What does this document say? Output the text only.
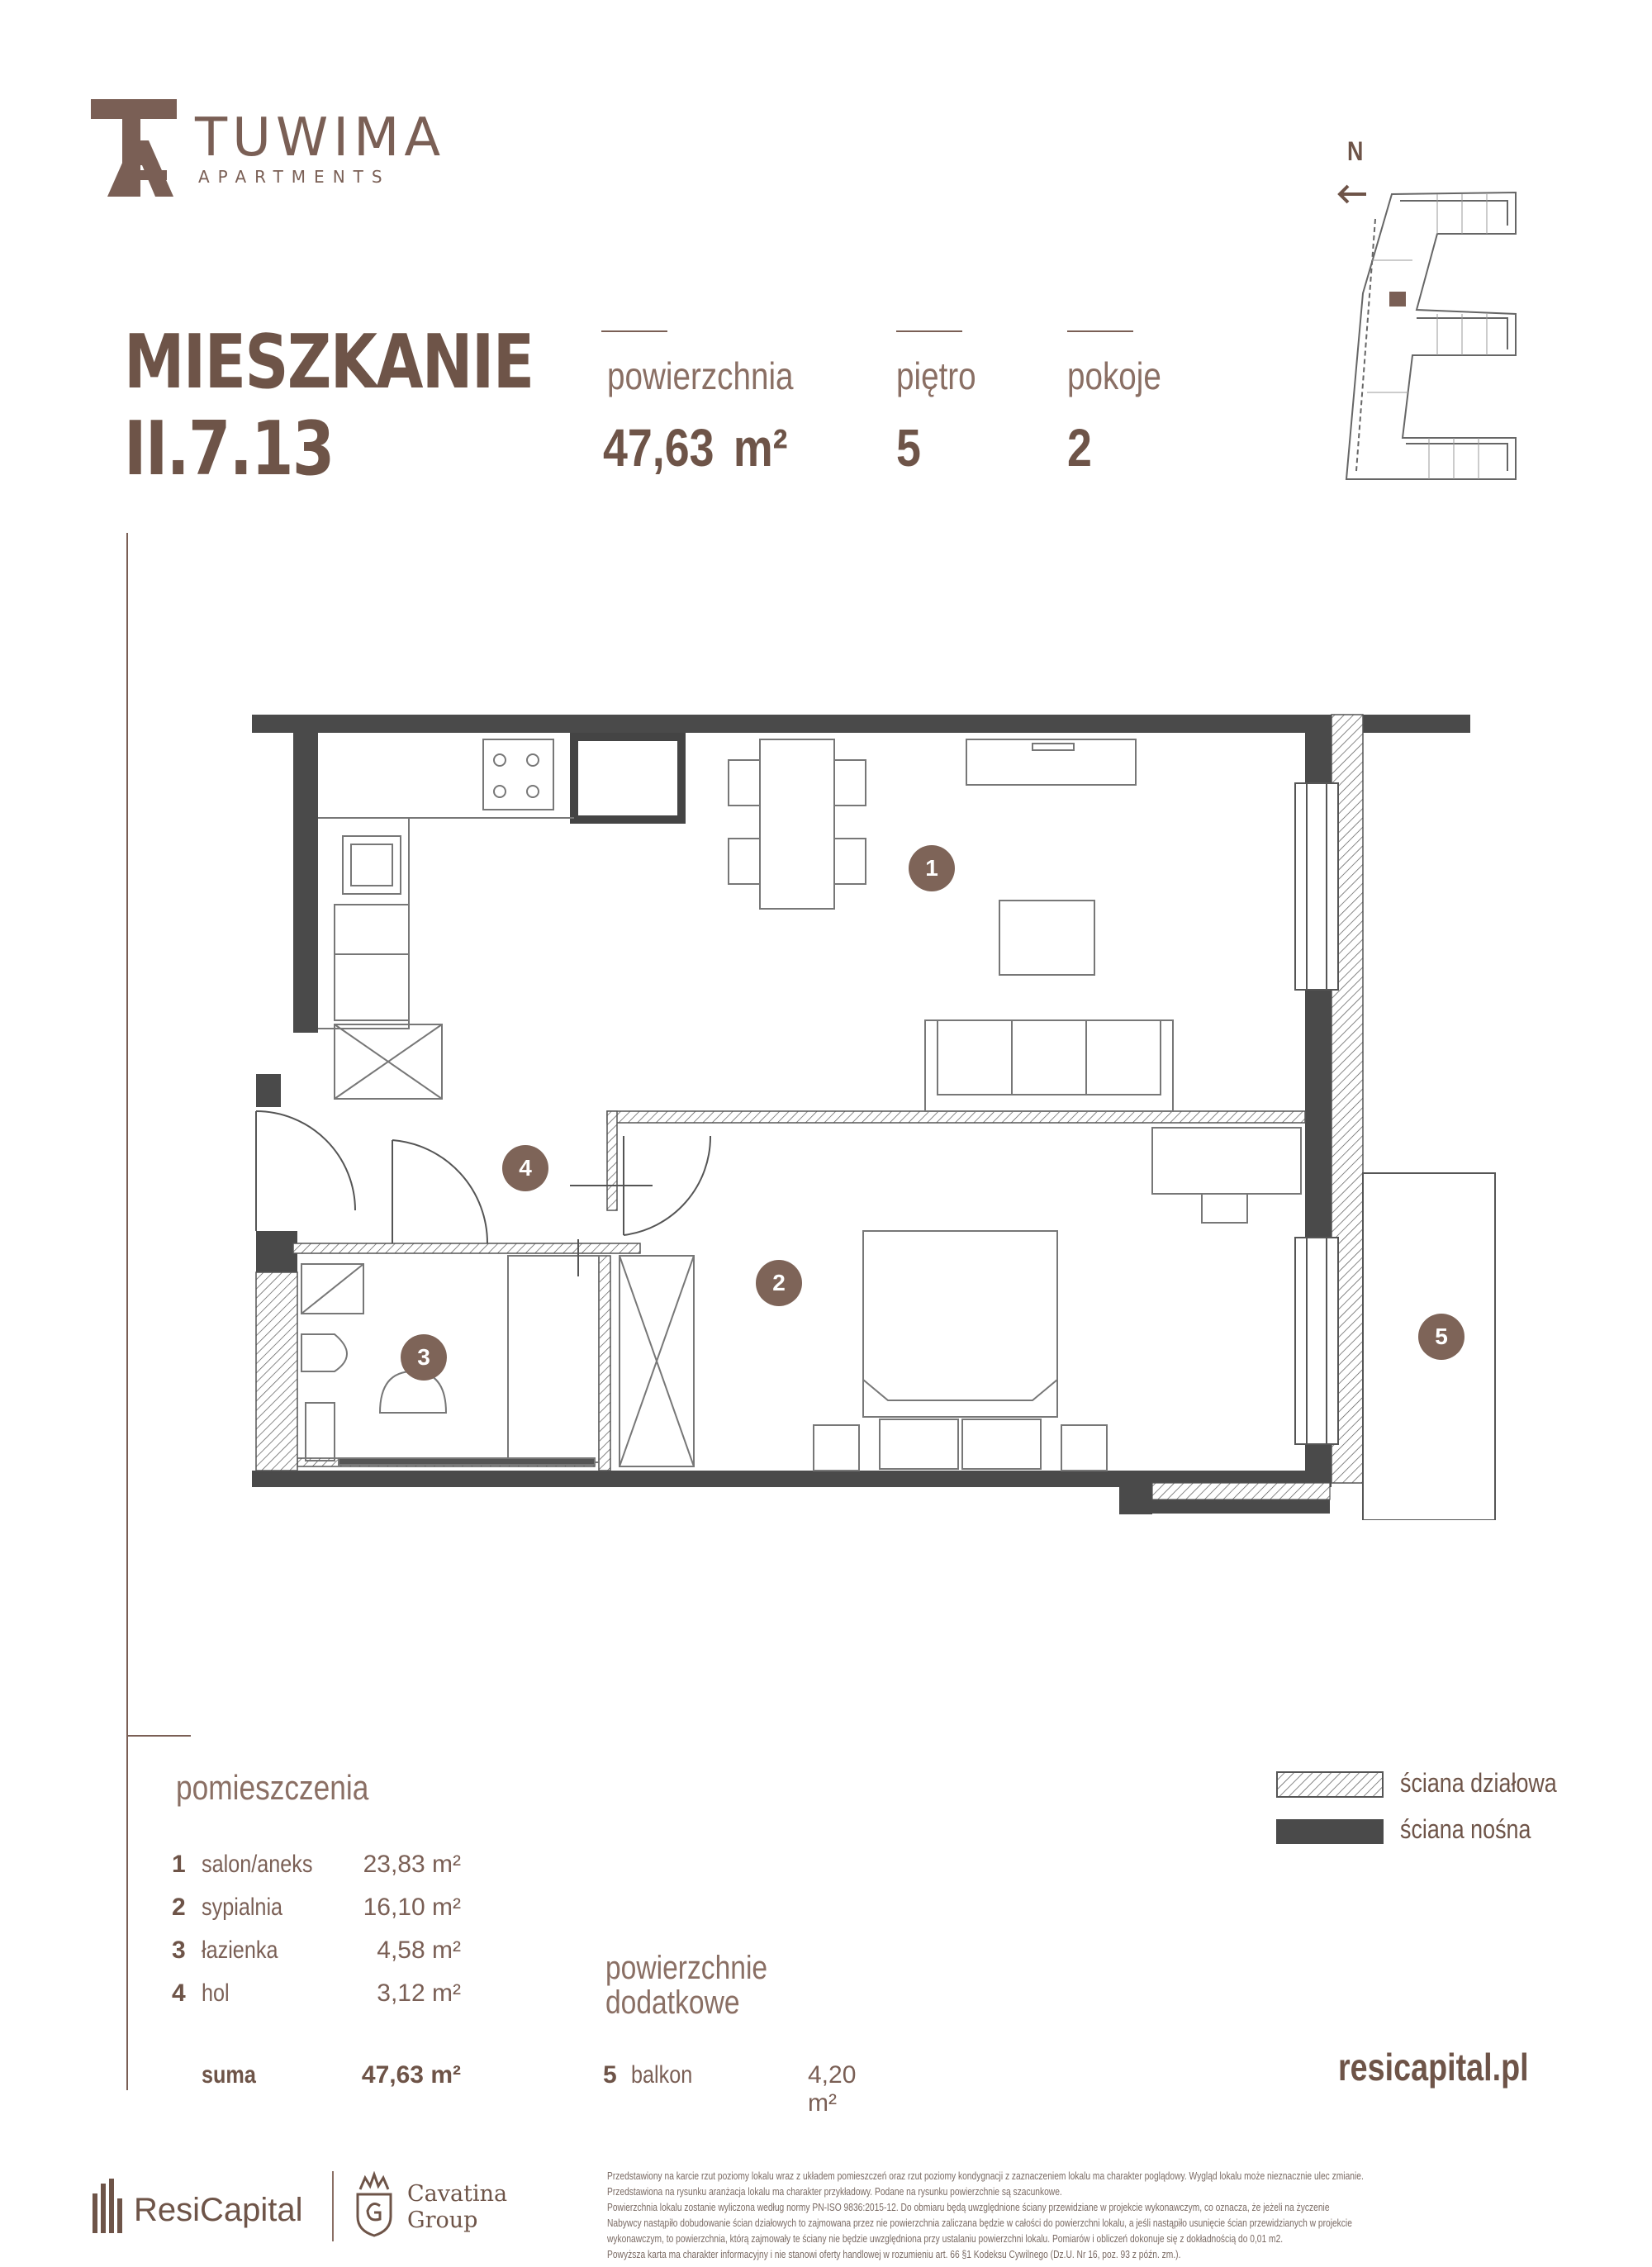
TUWIMA
APARTMENTS
MIESZKANIE
II.7.13
powierzchnia
47,63 m²
piętro
5
pokoje
2
N
1
2
3
4
5
pomieszczenia
1 salon/aneks 23,83 m²
2 sypialnia	16,10 m²
3 łazienka	4,58 m²
4 hol	3,12 m²
suma	47,63 m²
powierzchnie
dodatkowe
5 balkon	4,20 m²
ściana działowa
ściana nośna
resicapital.pl
ResiCapital	Cavatina
Group
Przedstawiony na karcie rzut poziomy lokalu wraz z układem pomieszczeń oraz rzut poziomy kondygnacji z zaznaczeniem lokalu ma charakter poglądowy. Wygląd lokalu może nieznacznie ulec zmianie.
Przedstawiona na rysunku aranżacja lokalu ma charakter przykładowy. Podane na rysunku powierzchnie są szacunkowe.
Powierzchnia lokalu zostanie wyliczona według normy PN-ISO 9836:2015-12. Do obmiaru będą uwzględnione ściany przewidziane w projekcie wykonawczym, co oznacza, że jeżeli na życzenie
Nabywcy nastąpiło dobudowanie ścian działowych to zajmowana przez nie powierzchnia zaliczana będzie w całości do powierzchni lokalu, a jeśli nastąpiło usunięcie ścian przewidzianych w projekcie
wykonawczym, to powierzchnia, którą zajmowały te ściany nie będzie uwzględniona przy ustalaniu powierzchni lokalu. Pomiarów i obliczeń dokonuje się z dokładnością do 0,01 m2.
Powyższa karta ma charakter informacyjny i nie stanowi oferty handlowej w rozumieniu art. 66 §1 Kodeksu Cywilnego (Dz.U. Nr 16, poz. 93 z późn. zm.).
